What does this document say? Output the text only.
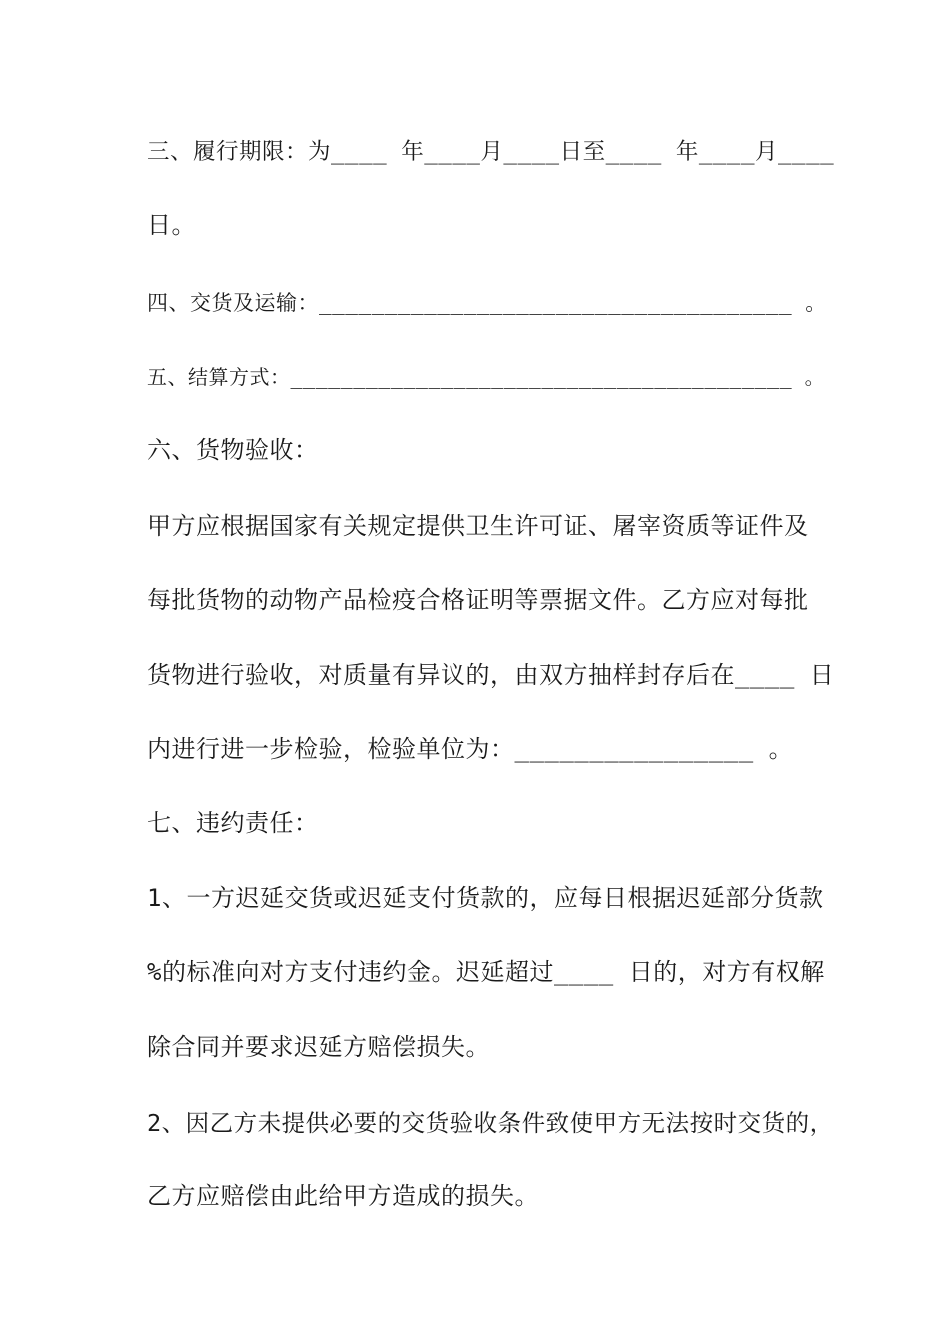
三、履行期限：为____ 年____月____日至____ 年____月____
日。
四、交货及运输：____________________________________ 。
五、结算方式：________________________________________ 。
六、货物验收：
甲方应根据国家有关规定提供卫生许可证、屠宰资质等证件及
每批货物的动物产品检疫合格证明等票据文件。乙方应对每批
货物进行验收，对质量有异议的，由双方抽样封存后在____ 日
内进行进一步检验，检验单位为：________________ 。
七、违约责任：
1、一方迟延交货或迟延支付货款的，应每日根据迟延部分货款
%的标准向对方支付违约金。迟延超过____ 日的，对方有权解
除合同并要求迟延方赔偿损失。
2、因乙方未提供必要的交货验收条件致使甲方无法按时交货的，
乙方应赔偿由此给甲方造成的损失。
